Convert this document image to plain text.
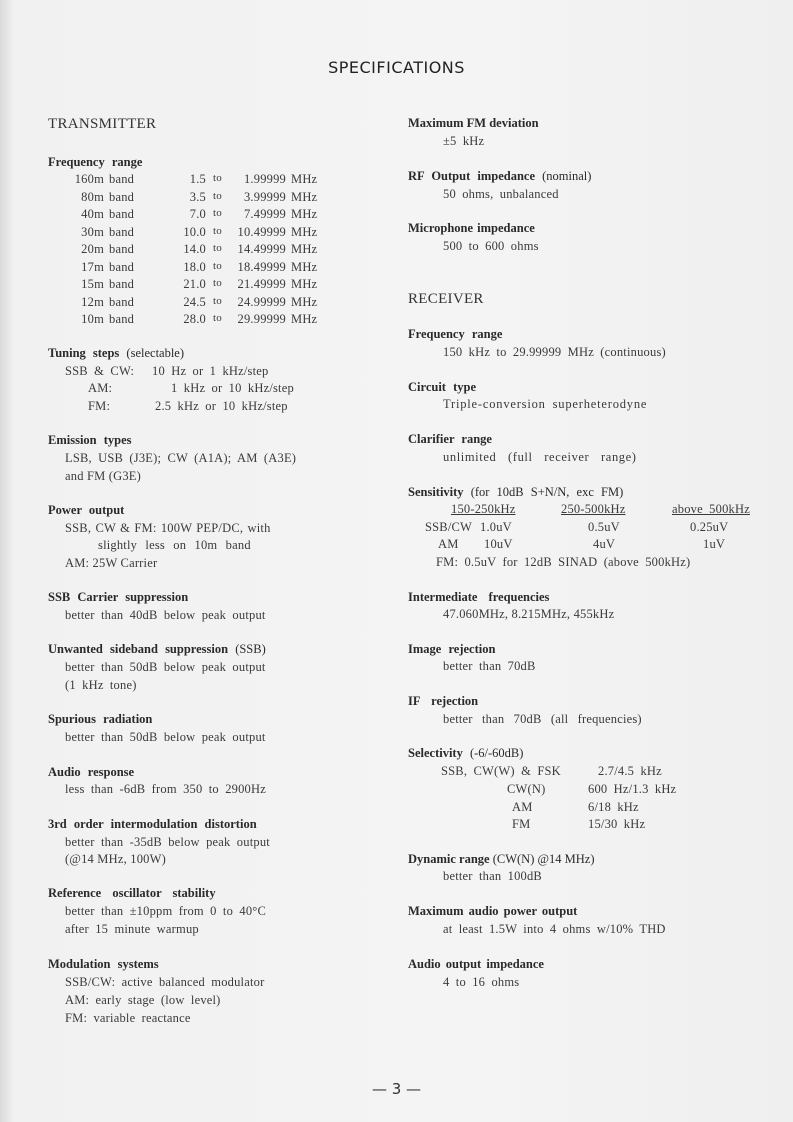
SPECIFICATIONS
TRANSMITTER
Frequency range
160m band	1.5 to	1.99999 MHz
80m band	3.5 to	3.99999 MHz
40m band	7.0 to	7.49999 MHz
30m band	10.0 to	10.49999 MHz
20m band	14.0 to	14.49999 MHz
17m band	18.0 to	18.49999 MHz
15m band	21.0 to	21.49999 MHz
12m band	24.5 to	24.99999 MHz
10m band	28.0 to	29.99999 MHz
Tuning steps (selectable)
SSB & CW:	10 Hz or 1 kHz/step
AM:	1 kHz or 10 kHz/step
FM:	2.5 kHz or 10 kHz/step
Emission types
LSB, USB (J3E); CW (A1A); AM (A3E)
and FM (G3E)
Power output
SSB, CW & FM: 100W PEP/DC, with
slightly less on 10m band
AM: 25W Carrier
SSB Carrier suppression
better than 40dB below peak output
Unwanted sideband suppression (SSB)
better than 50dB below peak output
(1 kHz tone)
Spurious radiation
better than 50dB below peak output
Audio response
less than -6dB from 350 to 2900Hz
3rd order intermodulation distortion
better than -35dB below peak output
(@14 MHz, 100W)
Reference oscillator stability
better than ±10ppm from 0 to 40°C
after 15 minute warmup
Modulation systems
SSB/CW: active balanced modulator
AM: early stage (low level)
FM: variable reactance
Maximum FM deviation
±5 kHz
RF Output impedance (nominal)
50 ohms, unbalanced
Microphone impedance
500 to 600 ohms
RECEIVER
Frequency range
150 kHz to 29.99999 MHz (continuous)
Circuit type
Triple-conversion superheterodyne
Clarifier range
unlimited (full receiver range)
Sensitivity (for 10dB S+N/N, exc FM)
150-250kHz	250-500kHz	above 500kHz
SSB/CW 1.0uV	0.5uV	0.25uV
AM 10uV	4uV	1uV
FM: 0.5uV for 12dB SINAD (above 500kHz)
Intermediate frequencies
47.060MHz, 8.215MHz, 455kHz
Image rejection
better than 70dB
IF rejection
better than 70dB (all frequencies)
Selectivity (-6/-60dB)
SSB, CW(W) & FSK	2.7/4.5 kHz
CW(N)	600 Hz/1.3 kHz
AM	6/18 kHz
FM	15/30 kHz
Dynamic range (CW(N) @14 MHz)
better than 100dB
Maximum audio power output
at least 1.5W into 4 ohms w/10% THD
Audio output impedance
4 to 16 ohms
— 3 —
